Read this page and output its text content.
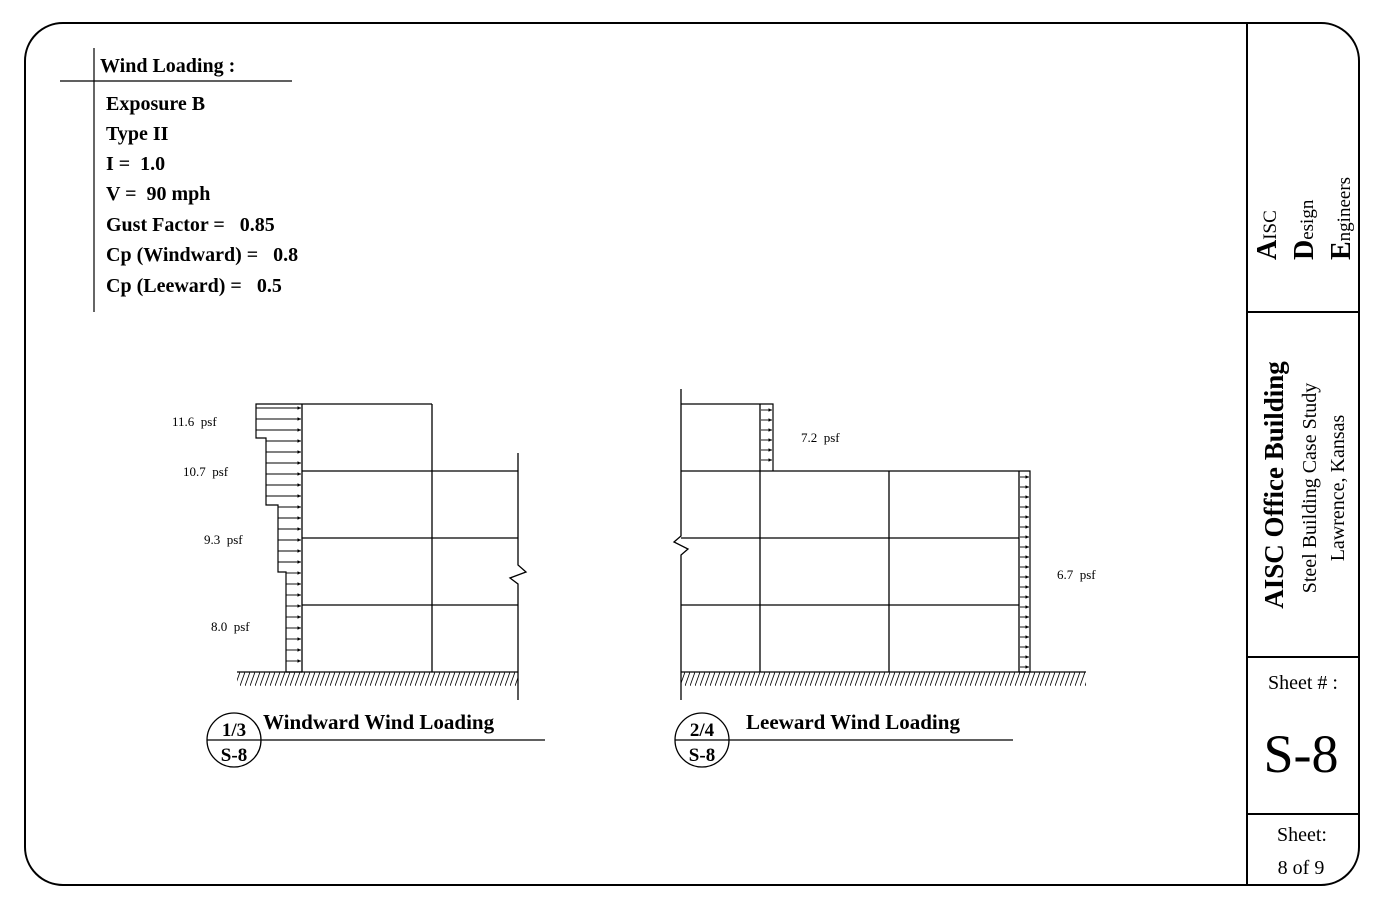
Wind Loading :
Exposure B
Type II
I =  1.0
V =  90 mph
Gust Factor =   0.85
Cp (Windward) =   0.8
Cp (Leeward) =   0.5
11.6  psf
10.7  psf
9.3  psf
8.0  psf
1/3
S-8
Windward Wind Loading
7.2  psf
6.7  psf
2/4
S-8
Leeward Wind Loading
AISC
Design
Engineers
AISC Office Building Steel Building Case Study Lawrence, Kansas
Sheet # :
S-8
Sheet:
8 of 9
